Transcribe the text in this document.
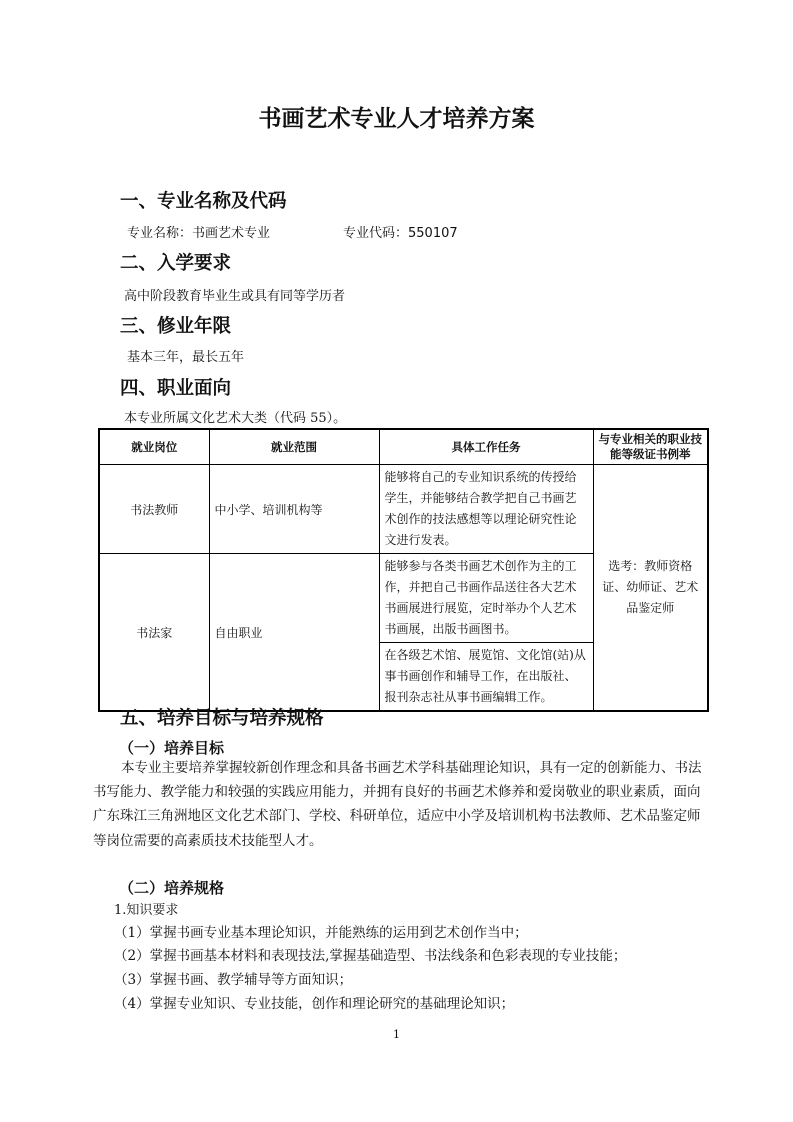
书画艺术专业人才培养方案
一、专业名称及代码
专业名称：书画艺术专业	专业代码：550107
二、入学要求
高中阶段教育毕业生或具有同等学历者
三、修业年限
基本三年，最长五年
四、职业面向
本专业所属文化艺术大类（代码 55）。
就业岗位	就业范围	具体工作任务	与专业相关的职业技能等级证书例举
书法教师	中小学、培训机构等	能够将自己的专业知识系统的传授给学生，并能够结合教学把自己书画艺术创作的技法感想等以理论研究性论文进行发表。	选考：教师资格证、幼师证、艺术品鉴定师
书法家	自由职业	能够参与各类书画艺术创作为主的工作，并把自己书画作品送往各大艺术书画展进行展览，定时举办个人艺术书画展，出版书画图书。
在各级艺术馆、展览馆、文化馆(站)从事书画创作和辅导工作，在出版社、报刊杂志社从事书画编辑工作。	
五、培养目标与培养规格
（一）培养目标
本专业主要培养掌握较新创作理念和具备书画艺术学科基础理论知识，具有一定的创新能力、书法书写能力、教学能力和较强的实践应用能力，并拥有良好的书画艺术修养和爱岗敬业的职业素质，面向广东珠江三角洲地区文化艺术部门、学校、科研单位，适应中小学及培训机构书法教师、艺术品鉴定师等岗位需要的高素质技术技能型人才。
（二）培养规格
1.知识要求
（1）掌握书画专业基本理论知识，并能熟练的运用到艺术创作当中；
（2）掌握书画基本材料和表现技法,掌握基础造型、书法线条和色彩表现的专业技能；
（3）掌握书画、教学辅导等方面知识；
（4）掌握专业知识、专业技能，创作和理论研究的基础理论知识；
1
